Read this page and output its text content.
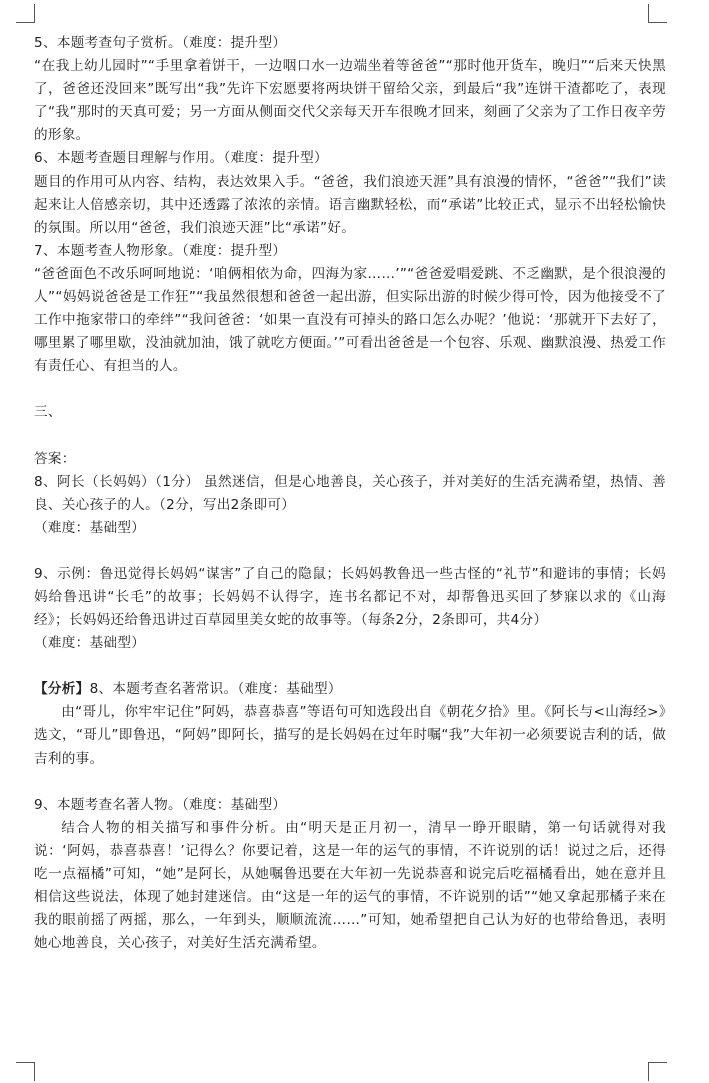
5、本题考查句子赏析。（难度：提升型）

“在我上幼儿园时”“手里拿着饼干，一边咽口水一边端坐着等爸爸”“那时他开货车，晚归”“后来天快黑了，爸爸还没回来”既写出“我”先许下宏愿要将两块饼干留给父亲，到最后“我”连饼干渣都吃了，表现了“我”那时的天真可爱；另一方面从侧面交代父亲每天开车很晚才回来，刻画了父亲为了工作日夜辛劳的形象。

6、本题考查题目理解与作用。（难度：提升型）

题目的作用可从内容、结构，表达效果入手。“爸爸，我们浪迹天涯”具有浪漫的情怀，“爸爸”“我们”读起来让人倍感亲切，其中还透露了浓浓的亲情。语言幽默轻松，而“承诺”比较正式，显示不出轻松愉快的氛围。所以用“爸爸，我们浪迹天涯”比“承诺”好。

7、本题考查人物形象。（难度：提升型）

“爸爸面色不改乐呵呵地说：‘咱俩相依为命，四海为家……’”“爸爸爱唱爱跳、不乏幽默，是个很浪漫的人”“妈妈说爸爸是工作狂”“我虽然很想和爸爸一起出游，但实际出游的时候少得可怜，因为他接受不了工作中拖家带口的牵绊”“我问爸爸：‘如果一直没有可掉头的路口怎么办呢？’他说：‘那就开下去好了，哪里累了哪里歇，没油就加油，饿了就吃方便面。’”可看出爸爸是一个包容、乐观、幽默浪漫、热爱工作有责任心、有担当的人。

三、

答案：

8、阿长（长妈妈）（1分） 虽然迷信，但是心地善良，关心孩子，并对美好的生活充满希望，热情、善良、关心孩子的人。（2分，写出2条即可）

（难度：基础型）

9、示例：鲁迅觉得长妈妈“谋害”了自己的隐鼠；长妈妈教鲁迅一些古怪的“礼节”和避讳的事情；长妈妈给鲁迅讲“长毛”的故事；长妈妈不认得字，连书名都记不对，却帮鲁迅买回了梦寐以求的《山海经》；长妈妈还给鲁迅讲过百草园里美女蛇的故事等。（每条2分，2条即可，共4分）

（难度：基础型）

【分析】8、本题考查名著常识。（难度：基础型）

由“哥儿，你牢牢记住”阿妈，恭喜恭喜”等语句可知选段出自《朝花夕拾》里。《阿长与<山海经>》选文，“哥儿”即鲁迅，“阿妈”即阿长，描写的是长妈妈在过年时嘱“我”大年初一必须要说吉利的话，做吉利的事。

9、本题考查名著人物。（难度：基础型）

结合人物的相关描写和事件分析。由“明天是正月初一，清早一睁开眼睛，第一句话就得对我说：‘阿妈，恭喜恭喜！’记得么？你要记着，这是一年的运气的事情，不许说别的话！说过之后，还得吃一点福橘”可知，“她”是阿长，从她嘱鲁迅要在大年初一先说恭喜和说完后吃福橘看出，她在意并且相信这些说法，体现了她封建迷信。由“这是一年的运气的事情，不许说别的话”“她又拿起那橘子来在我的眼前摇了两摇，那么，一年到头，顺顺流流……”可知，她希望把自己认为好的也带给鲁迅，表明她心地善良，关心孩子，对美好生活充满希望。
